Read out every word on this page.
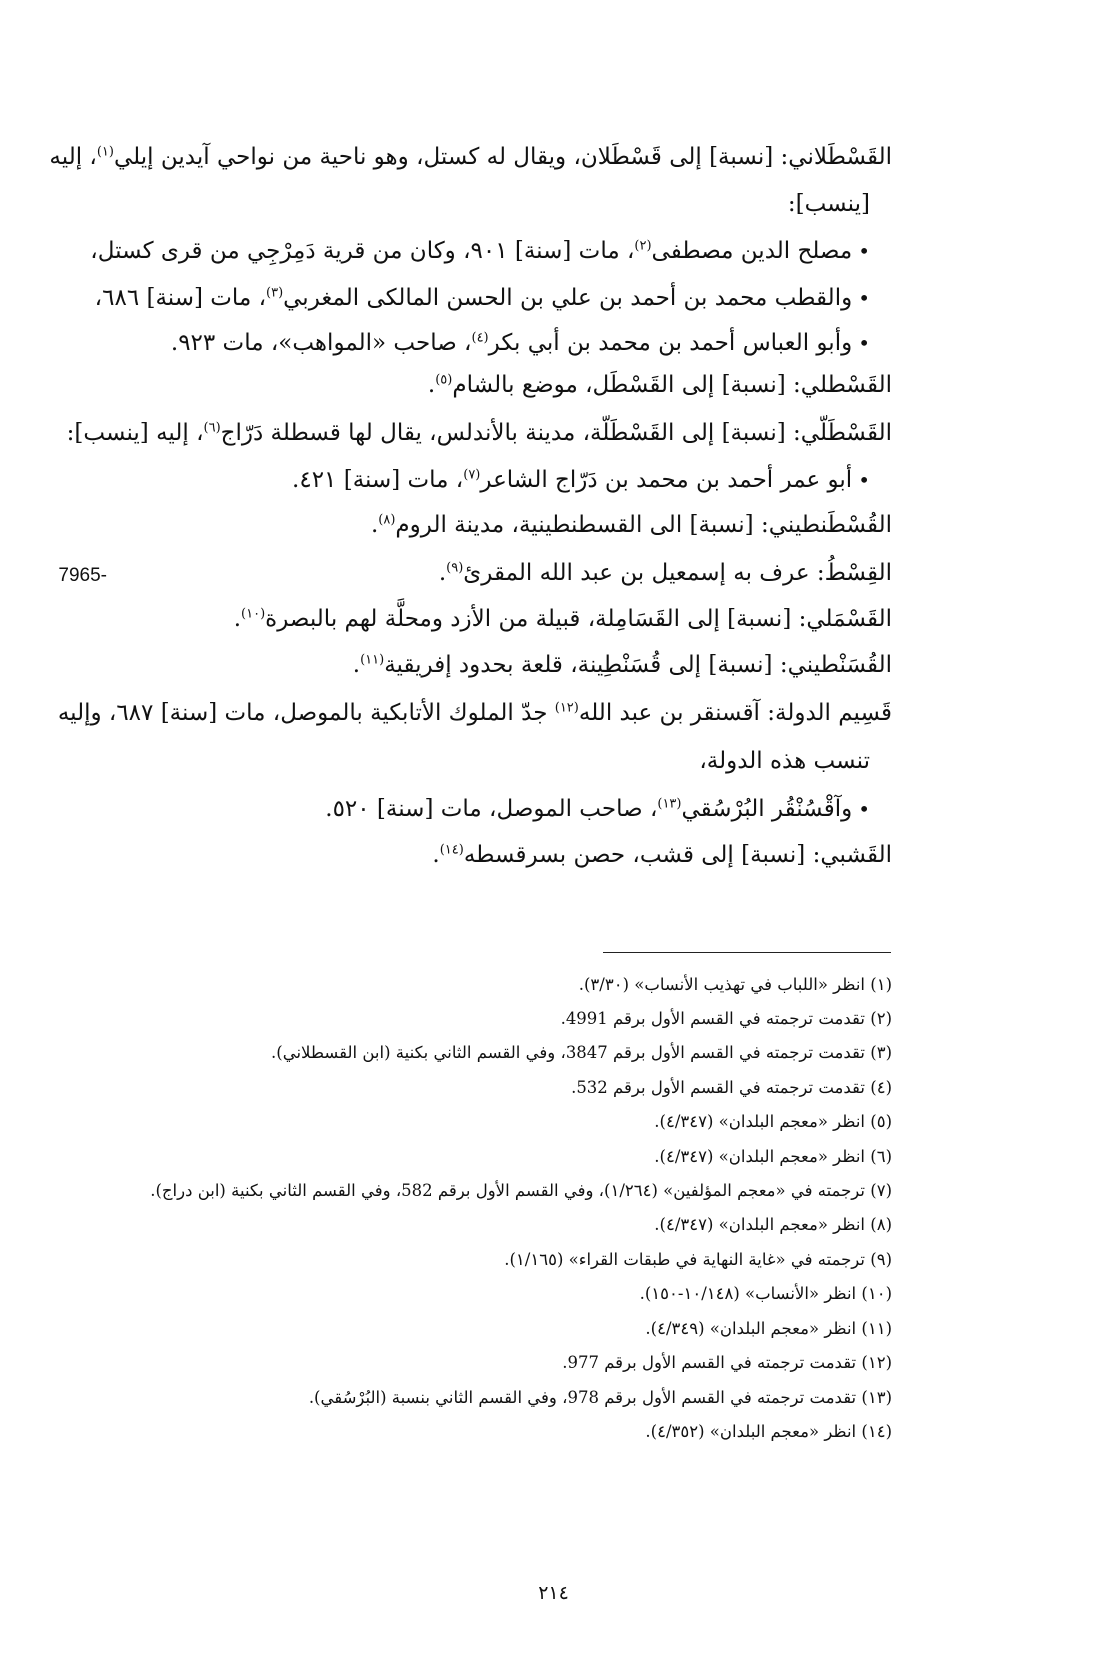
القَسْطَلاني: [نسبة] إلى قَسْطَلان، ويقال له كستل، وهو ناحية من نواحي آيدين إيلي$^{(١)}$، إليه
[ينسب]:
•مصلح الدين مصطفى$^{(٢)}$، مات [سنة] ٩٠١، وكان من قرية دَمِرْجِي من قرى كستل،
•والقطب محمد بن أحمد بن علي بن الحسن المالكى المغربي$^{(٣)}$، مات [سنة] ٦٨٦،
•وأبو العباس أحمد بن محمد بن أبي بكر$^{(٤)}$، صاحب «المواهب»، مات ٩٢٣.
القَسْطلي: [نسبة] إلى القَسْطَل، موضع بالشام$^{(٥)}$.
القَسْطَلّي: [نسبة] إلى القَسْطَلّة، مدينة بالأندلس، يقال لها قسطلة دَرّاج$^{(٦)}$، إليه [ينسب]:
•أبو عمر أحمد بن محمد بن دَرّاج الشاعر$^{(٧)}$، مات [سنة] ٤٢١.
القُسْطَنطيني: [نسبة] الى القسطنطينية، مدينة الروم$^{(٨)}$.
7965-	القِسْطُ: عرف به إسمعيل بن عبد الله المقرئ$^{(٩)}$.
القَسْمَلي: [نسبة] إلى القَسَامِلة، قبيلة من الأزد ومحلَّة لهم بالبصرة$^{(١٠)}$.
القُسَنْطيني: [نسبة] إلى قُسَنْطِينة، قلعة بحدود إفريقية$^{(١١)}$.
قَسِيم الدولة: آقسنقر بن عبد الله$^{(١٢)}$ جدّ الملوك الأتابكية بالموصل، مات [سنة] ٦٨٧، وإليه
تنسب هذه الدولة،
•وآقْسُنْقُر البُرْسُقي$^{(١٣)}$، صاحب الموصل، مات [سنة] ٥٢٠.
القَشبي: [نسبة] إلى قشب، حصن بسرقسطه$^{(١٤)}$.
(١) انظر «اللباب في تهذيب الأنساب» (٣/٣٠).
(٢) تقدمت ترجمته في القسم الأول برقم 4991.
(٣) تقدمت ترجمته في القسم الأول برقم 3847، وفي القسم الثاني بكنية (ابن القسطلاني).
(٤) تقدمت ترجمته في القسم الأول برقم 532.
(٥) انظر «معجم البلدان» (٤/٣٤٧).
(٦) انظر «معجم البلدان» (٤/٣٤٧).
(٧) ترجمته في «معجم المؤلفين» (١/٢٦٤)، وفي القسم الأول برقم 582، وفي القسم الثاني بكنية (ابن دراج).
(٨) انظر «معجم البلدان» (٤/٣٤٧).
(٩) ترجمته في «غاية النهاية في طبقات القراء» (١/١٦٥).
(١٠) انظر «الأنساب» (١٠/١٤٨-١٥٠).
(١١) انظر «معجم البلدان» (٤/٣٤٩).
(١٢) تقدمت ترجمته في القسم الأول برقم 977.
(١٣) تقدمت ترجمته في القسم الأول برقم 978، وفي القسم الثاني بنسبة (البُرْسُقي).
(١٤) انظر «معجم البلدان» (٤/٣٥٢).
٢١٤
